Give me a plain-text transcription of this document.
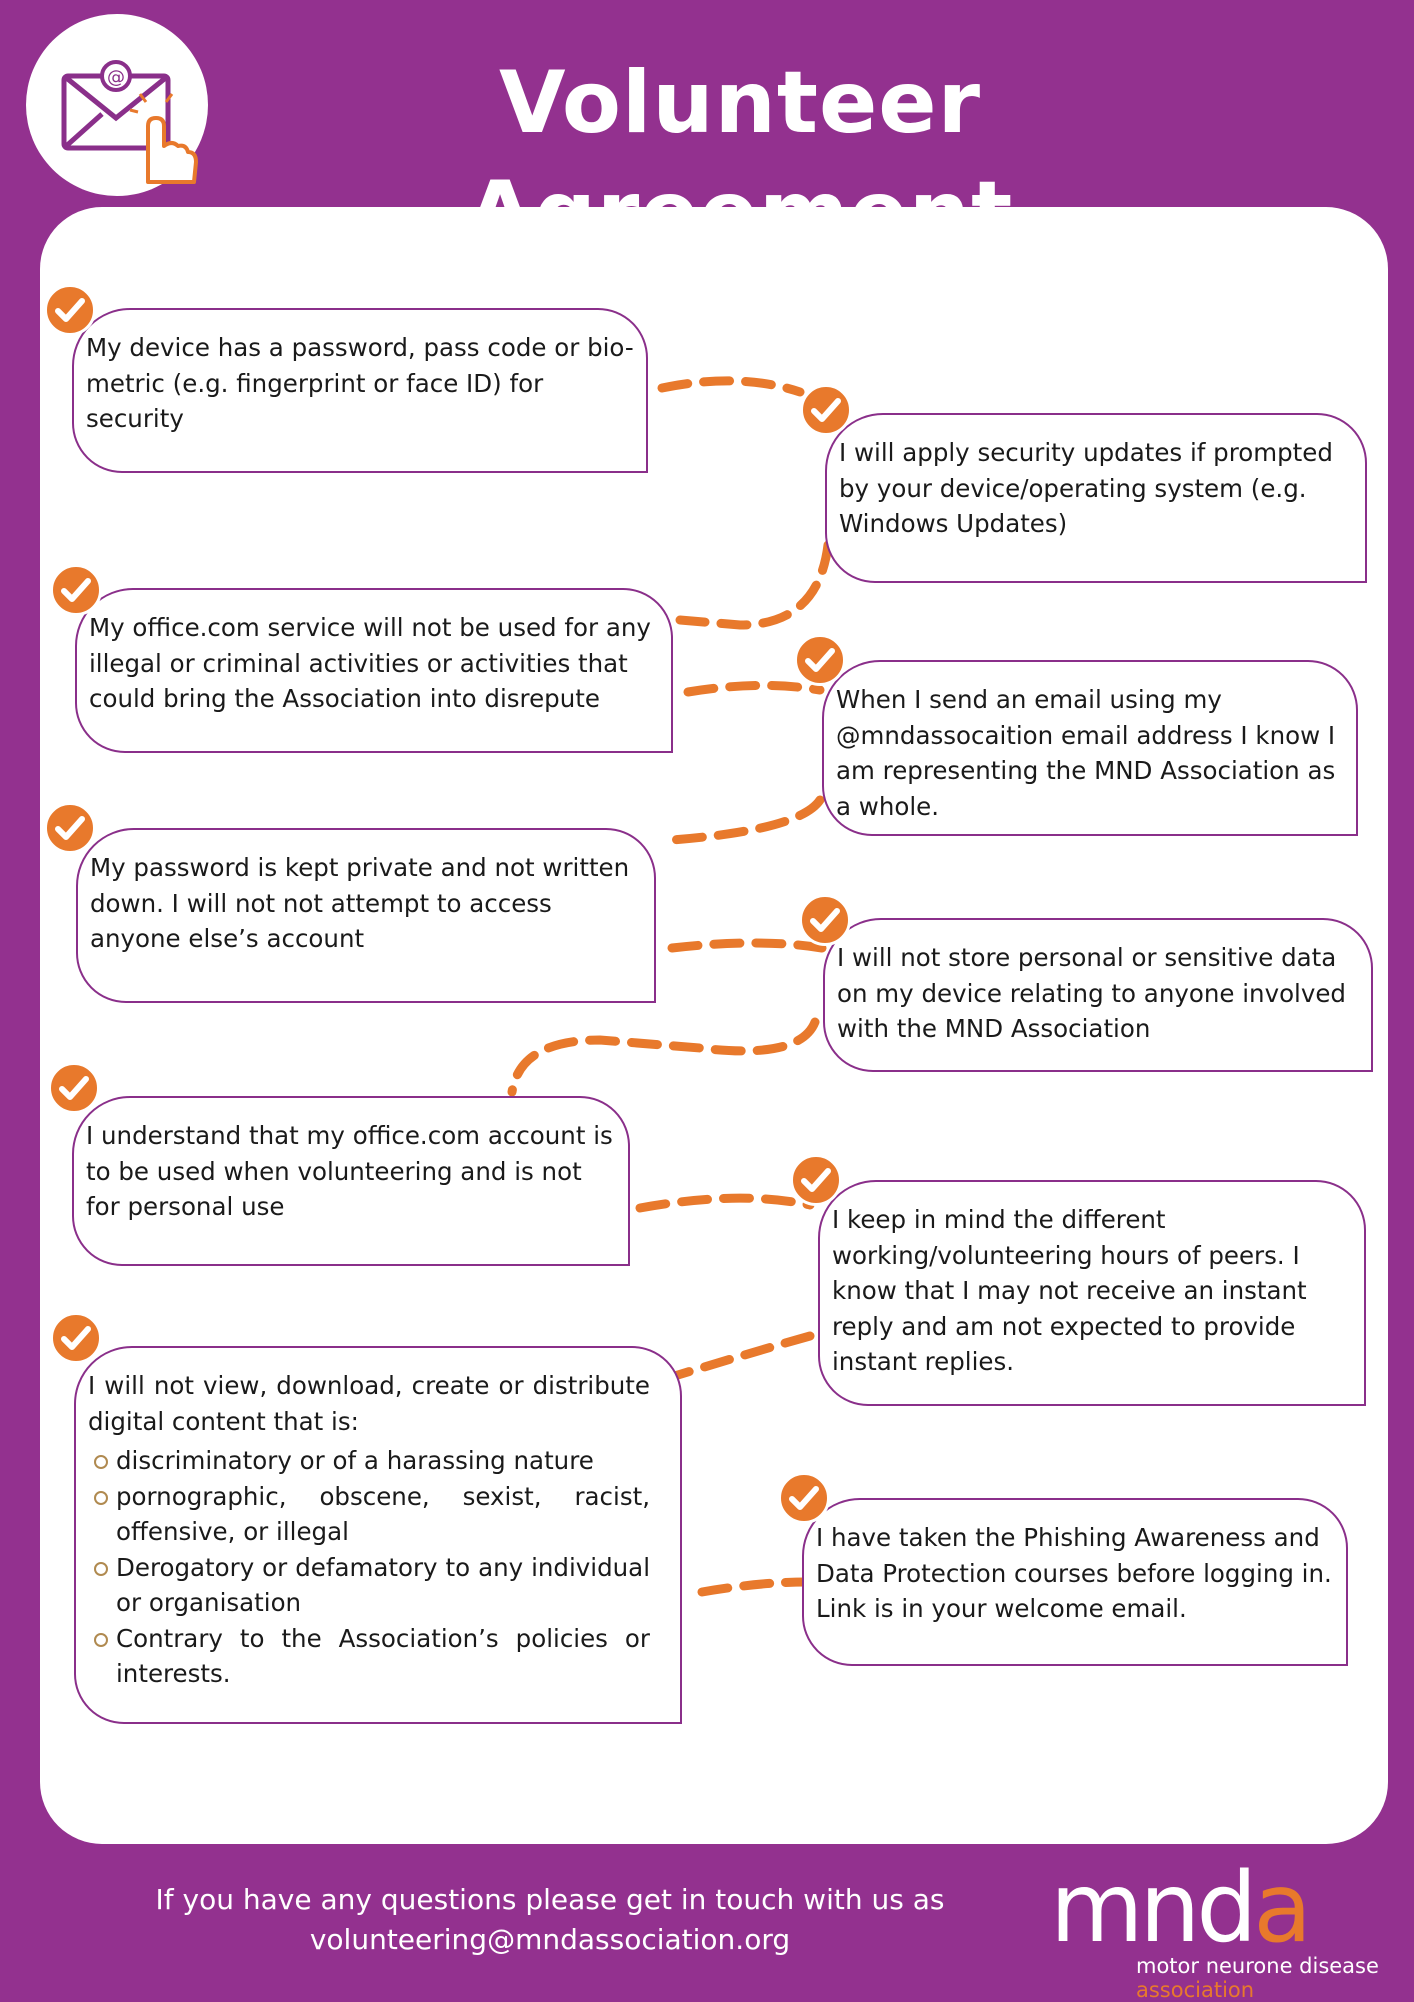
@	Volunteer

My device has a password, pass code or bio-metric (e.g. fingerprint or face ID) for security

I will apply security updates if prompted by your device/operating system (e.g. Windows Updates)

My office.com service will not be used for any illegal or criminal activities or activities that could bring the Association into disrepute	When I send an email using my @mndassocaition email address I know I am representing the MND Association as a whole.

My password is kept private and not written down. I will not not attempt to access anyone else’s account

I will not store personal or sensitive data on my device relating to anyone involved with the MND Association

I understand that my office.com account is to be used when volunteering and is not for personal use	I keep in mind the different working/volunteering hours of peers. I know that I may not receive an instant reply and am not expected to provide instant replies.

I will not view, download, create or distribute digital content that is:

discriminatory or of a harassing nature
pornographic, obscene, sexist, racist, offensive, or illegal
Derogatory or defamatory to any individual or organisation
Contrary to the Association’s policies or interests.

I have taken the Phishing Awareness and Data Protection courses before logging in. Link is in your welcome email.

If you have any questions please get in touch with us as
volunteering@mndassociation.org	mnda
motor neurone disease
association
